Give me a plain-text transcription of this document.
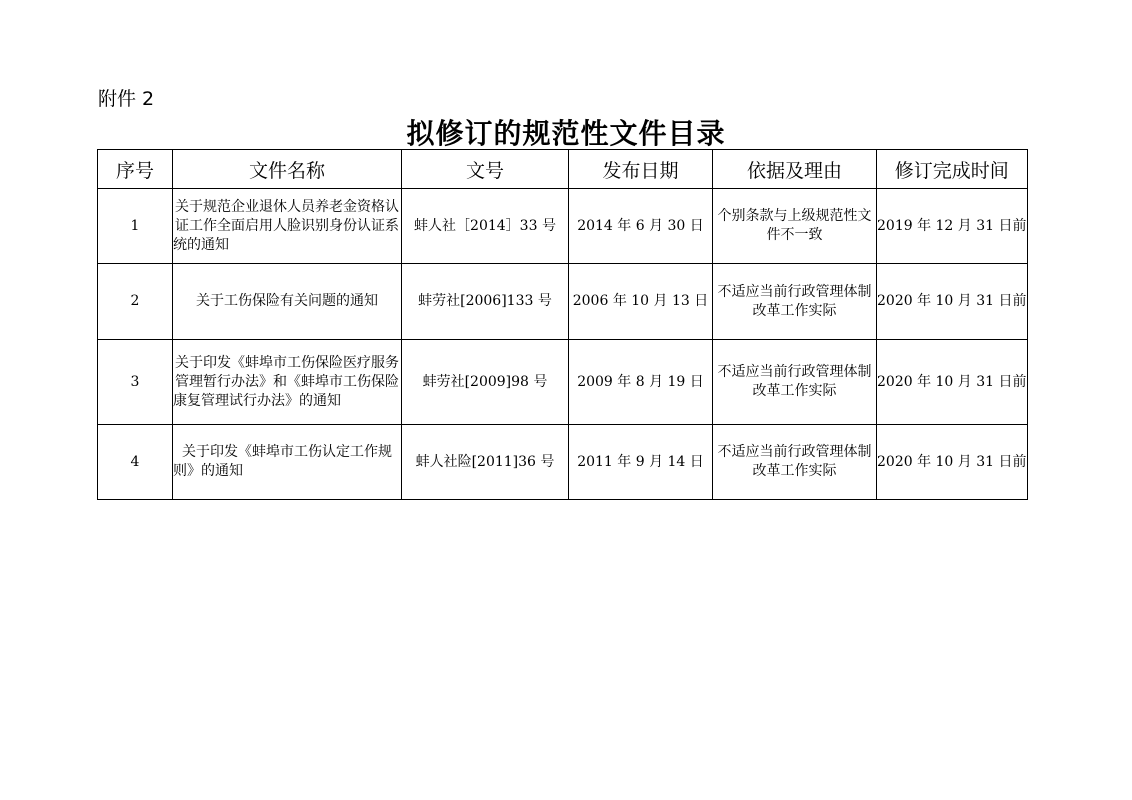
附件 2
拟修订的规范性文件目录
序号	文件名称	文号	发布日期	依据及理由	修订完成时间
1	关于规范企业退休人员养老金资格认证工作全面启用人脸识别身份认证系统的通知	蚌人社［2014］33 号	2014 年 6 月 30 日	个别条款与上级规范性文件不一致	2019 年 12 月 31 日前
2	关于工伤保险有关问题的通知	蚌劳社[2006]133 号	2006 年 10 月 13 日	不适应当前行政管理体制改革工作实际	2020 年 10 月 31 日前
3	关于印发《蚌埠市工伤保险医疗服务管理暂行办法》和《蚌埠市工伤保险康复管理试行办法》的通知	蚌劳社[2009]98 号	2009 年 8 月 19 日	不适应当前行政管理体制改革工作实际	2020 年 10 月 31 日前
4	关于印发《蚌埠市工伤认定工作规则》的通知	蚌人社险[2011]36 号	2011 年 9 月 14 日	不适应当前行政管理体制改革工作实际	2020 年 10 月 31 日前
